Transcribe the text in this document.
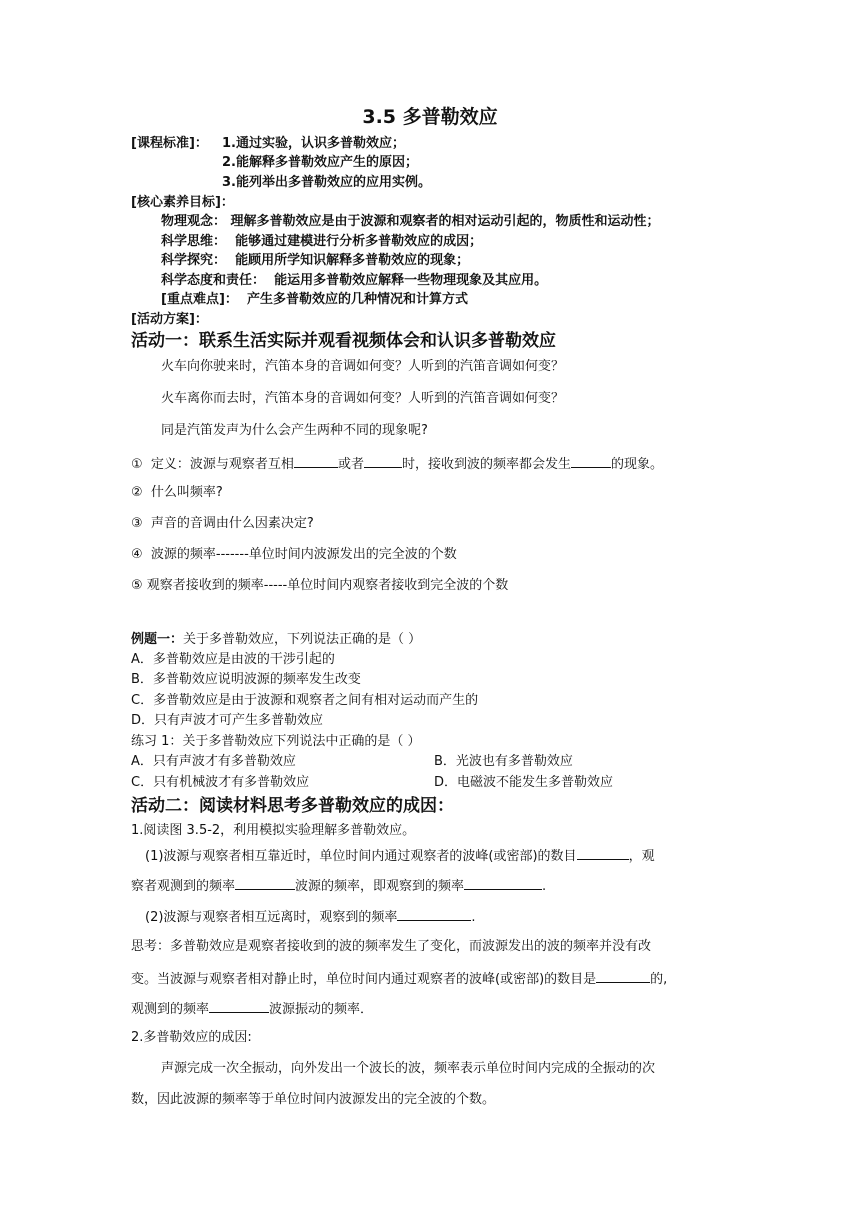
3.5 多普勒效应
[课程标准]： 1.通过实验，认识多普勒效应；
2.能解释多普勒效应产生的原因；
3.能列举出多普勒效应的应用实例。
[核心素养目标]：
物理观念： 理解多普勒效应是由于波源和观察者的相对运动引起的，物质性和运动性；
科学思维： 能够通过建模进行分析多普勒效应的成因；
科学探究： 能顾用所学知识解释多普勒效应的现象；
科学态度和责任： 能运用多普勒效应解释一些物理现象及其应用。
[重点难点]： 产生多普勒效应的几种情况和计算方式
[活动方案]：
活动一：联系生活实际并观看视频体会和认识多普勒效应
火车向你驶来时，汽笛本身的音调如何变？人听到的汽笛音调如何变？
火车离你而去时，汽笛本身的音调如何变？人听到的汽笛音调如何变？
同是汽笛发声为什么会产生两种不同的现象呢?
① 定义：波源与观察者互相	或者	时，接收到波的频率都会发生	的现象。
② 什么叫频率?
③ 声音的音调由什么因素决定?
④ 波源的频率-------单位时间内波源发出的完全波的个数
⑤ 观察者接收到的频率-----单位时间内观察者接收到完全波的个数
例题一：关于多普勒效应，下列说法正确的是（ ）
A．多普勒效应是由波的干涉引起的
B．多普勒效应说明波源的频率发生改变
C．多普勒效应是由于波源和观察者之间有相对运动而产生的
D．只有声波才可产生多普勒效应
练习 1：关于多普勒效应下列说法中正确的是（ ）
A．只有声波才有多普勒效应	B．光波也有多普勒效应
C．只有机械波才有多普勒效应	D．电磁波不能发生多普勒效应
活动二：阅读材料思考多普勒效应的成因：
1.阅读图 3.5-2，利用模拟实验理解多普勒效应。
(1)波源与观察者相互靠近时，单位时间内通过观察者的波峰(或密部)的数目	，观
察者观测到的频率	波源的频率，即观察到的频率	.
(2)波源与观察者相互远离时，观察到的频率	.
思考：多普勒效应是观察者接收到的波的频率发生了变化，而波源发出的波的频率并没有改
变。当波源与观察者相对静止时，单位时间内通过观察者的波峰(或密部)的数目是	的,
观测到的频率	波源振动的频率．
2.多普勒效应的成因:
声源完成一次全振动，向外发出一个波长的波，频率表示单位时间内完成的全振动的次
数，因此波源的频率等于单位时间内波源发出的完全波的个数。
